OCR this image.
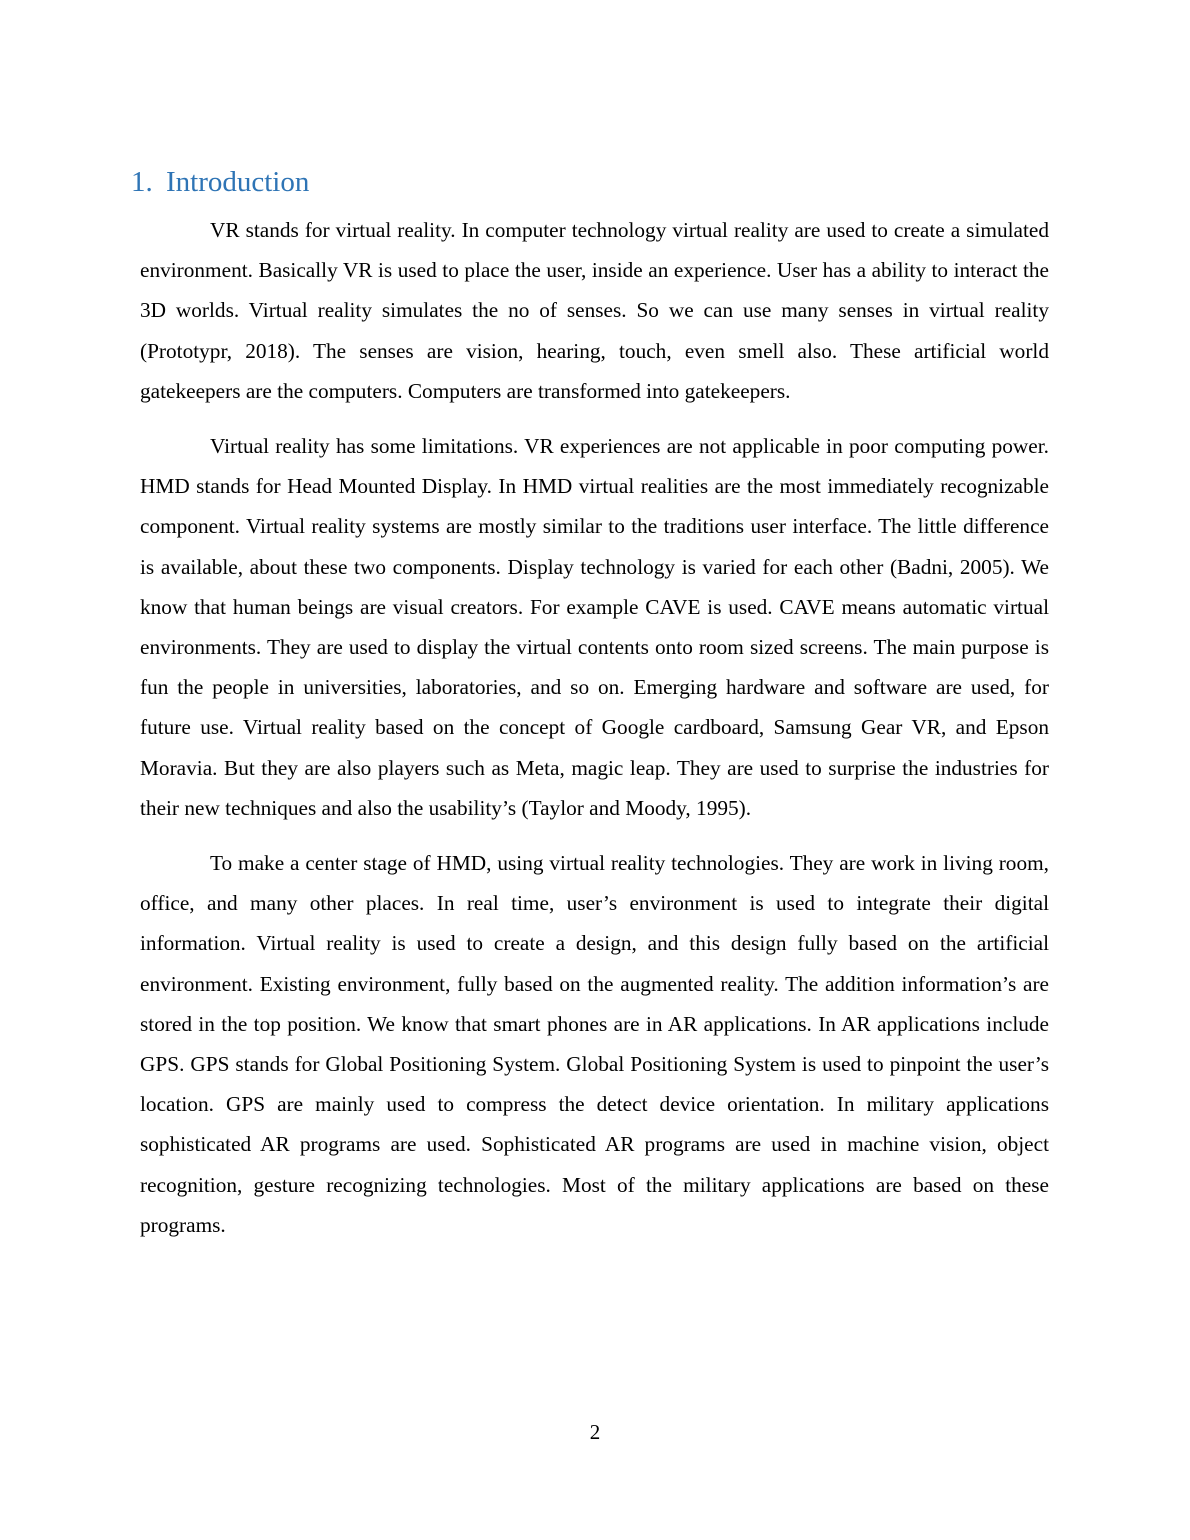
1. Introduction

VR stands for virtual reality. In computer technology virtual reality are used to create a simulated environment. Basically VR is used to place the user, inside an experience. User has a ability to interact the 3D worlds. Virtual reality simulates the no of senses. So we can use many senses in virtual reality (Prototypr, 2018). The senses are vision, hearing, touch, even smell also. These artificial world gatekeepers are the computers. Computers are transformed into gatekeepers.

Virtual reality has some limitations. VR experiences are not applicable in poor computing power. HMD stands for Head Mounted Display. In HMD virtual realities are the most immediately recognizable component. Virtual reality systems are mostly similar to the traditions user interface. The little difference is available, about these two components. Display technology is varied for each other (Badni, 2005). We know that human beings are visual creators. For example CAVE is used. CAVE means automatic virtual environments. They are used to display the virtual contents onto room sized screens. The main purpose is fun the people in universities, laboratories, and so on. Emerging hardware and software are used, for future use. Virtual reality based on the concept of Google cardboard, Samsung Gear VR, and Epson Moravia. But they are also players such as Meta, magic leap. They are used to surprise the industries for their new techniques and also the usability’s (Taylor and Moody, 1995).

To make a center stage of HMD, using virtual reality technologies. They are work in living room, office, and many other places. In real time, user’s environment is used to integrate their digital information. Virtual reality is used to create a design, and this design fully based on the artificial environment. Existing environment, fully based on the augmented reality. The addition information’s are stored in the top position. We know that smart phones are in AR applications. In AR applications include GPS. GPS stands for Global Positioning System. Global Positioning System is used to pinpoint the user’s location. GPS are mainly used to compress the detect device orientation. In military applications sophisticated AR programs are used. Sophisticated AR programs are used in machine vision, object recognition, gesture recognizing technologies. Most of the military applications are based on these programs.

2
